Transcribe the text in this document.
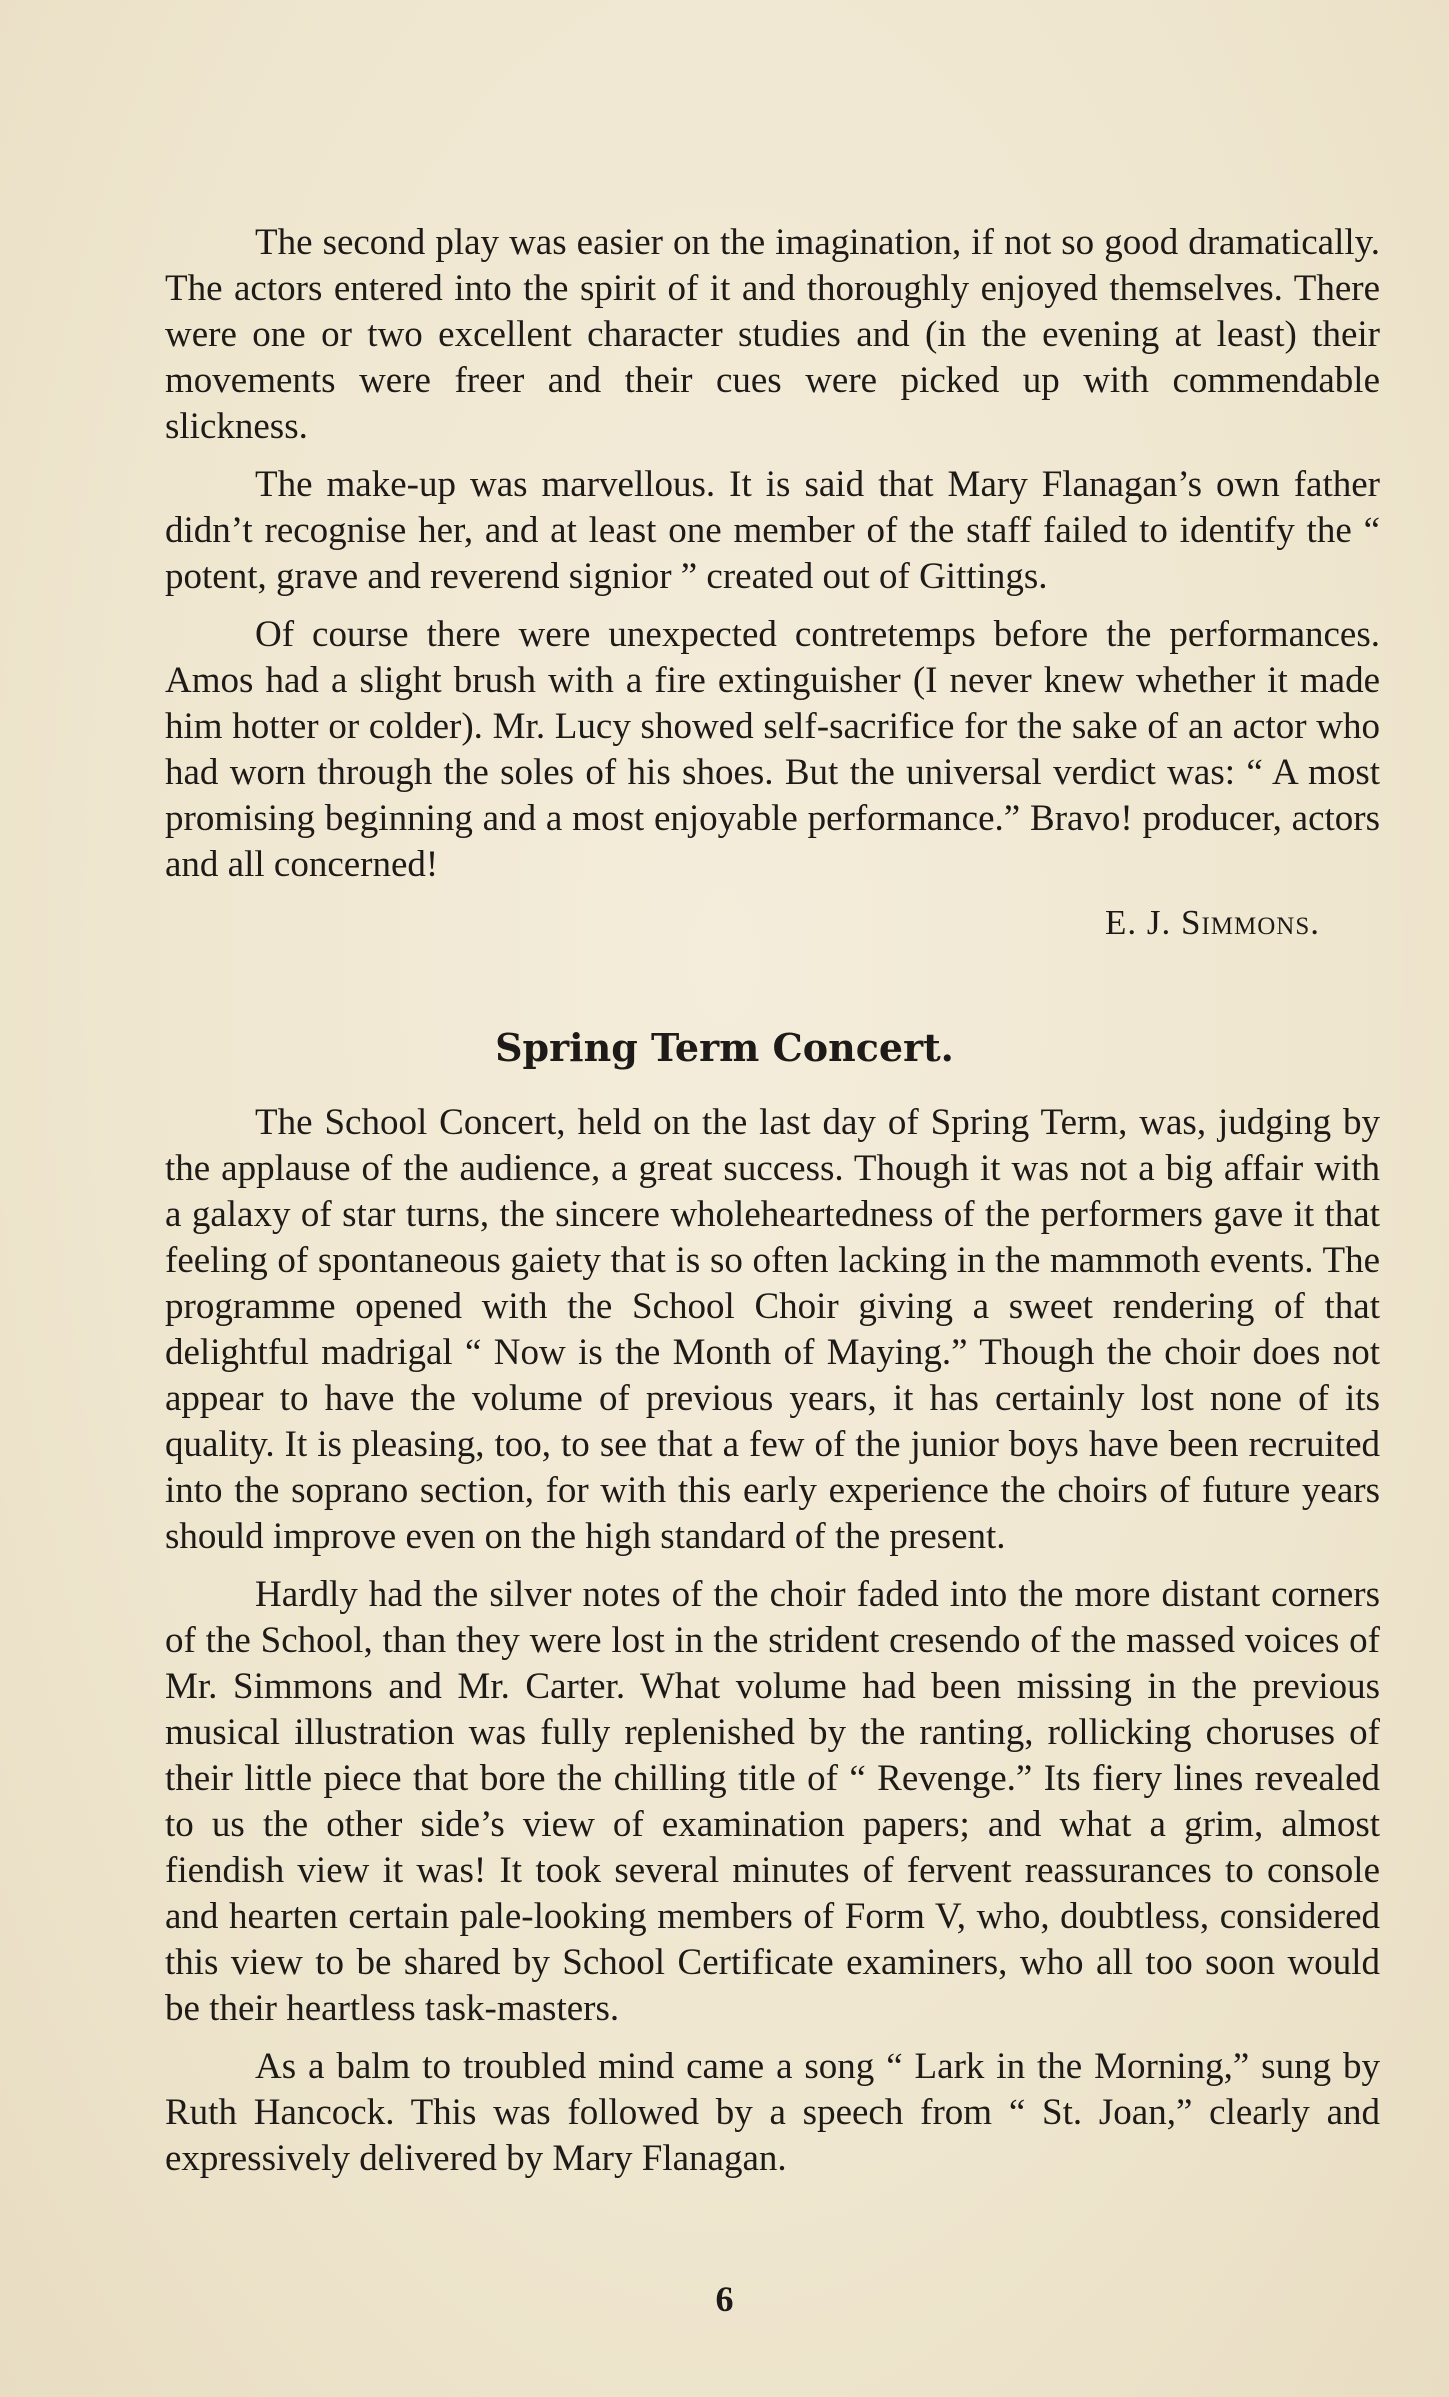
The second play was easier on the imagination, if not so good dramatically. The actors entered into the spirit of it and thoroughly enjoyed themselves. There were one or two excellent character studies and (in the evening at least) their movements were freer and their cues were picked up with commendable slickness.

The make-up was marvellous. It is said that Mary Flanagan’s own father didn’t recognise her, and at least one member of the staff failed to identify the “ potent, grave and reverend signior ” created out of Gittings.

Of course there were unexpected contretemps before the performances. Amos had a slight brush with a fire extinguisher (I never knew whether it made him hotter or colder). Mr. Lucy showed self-sacrifice for the sake of an actor who had worn through the soles of his shoes. But the universal verdict was: “ A most promising beginning and a most enjoyable performance.” Bravo! producer, actors and all concerned!

E. J. Simmons.
Spring Term Concert.

The School Concert, held on the last day of Spring Term, was, judging by the applause of the audience, a great success. Though it was not a big affair with a galaxy of star turns, the sincere wholeheartedness of the performers gave it that feeling of spontaneous gaiety that is so often lacking in the mammoth events. The programme opened with the School Choir giving a sweet rendering of that delightful madrigal “ Now is the Month of Maying.” Though the choir does not appear to have the volume of previous years, it has certainly lost none of its quality. It is pleasing, too, to see that a few of the junior boys have been recruited into the soprano section, for with this early experience the choirs of future years should improve even on the high standard of the present.

Hardly had the silver notes of the choir faded into the more distant corners of the School, than they were lost in the strident cresendo of the massed voices of Mr. Simmons and Mr. Carter. What volume had been missing in the previous musical illustration was fully replenished by the ranting, rollicking choruses of their little piece that bore the chilling title of “ Revenge.” Its fiery lines revealed to us the other side’s view of examination papers; and what a grim, almost fiendish view it was! It took several minutes of fervent reassurances to console and hearten certain pale-looking members of Form V, who, doubtless, considered this view to be shared by School Certificate examiners, who all too soon would be their heartless task-masters.

As a balm to troubled mind came a song “ Lark in the Morning,” sung by Ruth Hancock. This was followed by a speech from “ St. Joan,” clearly and expressively delivered by Mary Flanagan.

6
